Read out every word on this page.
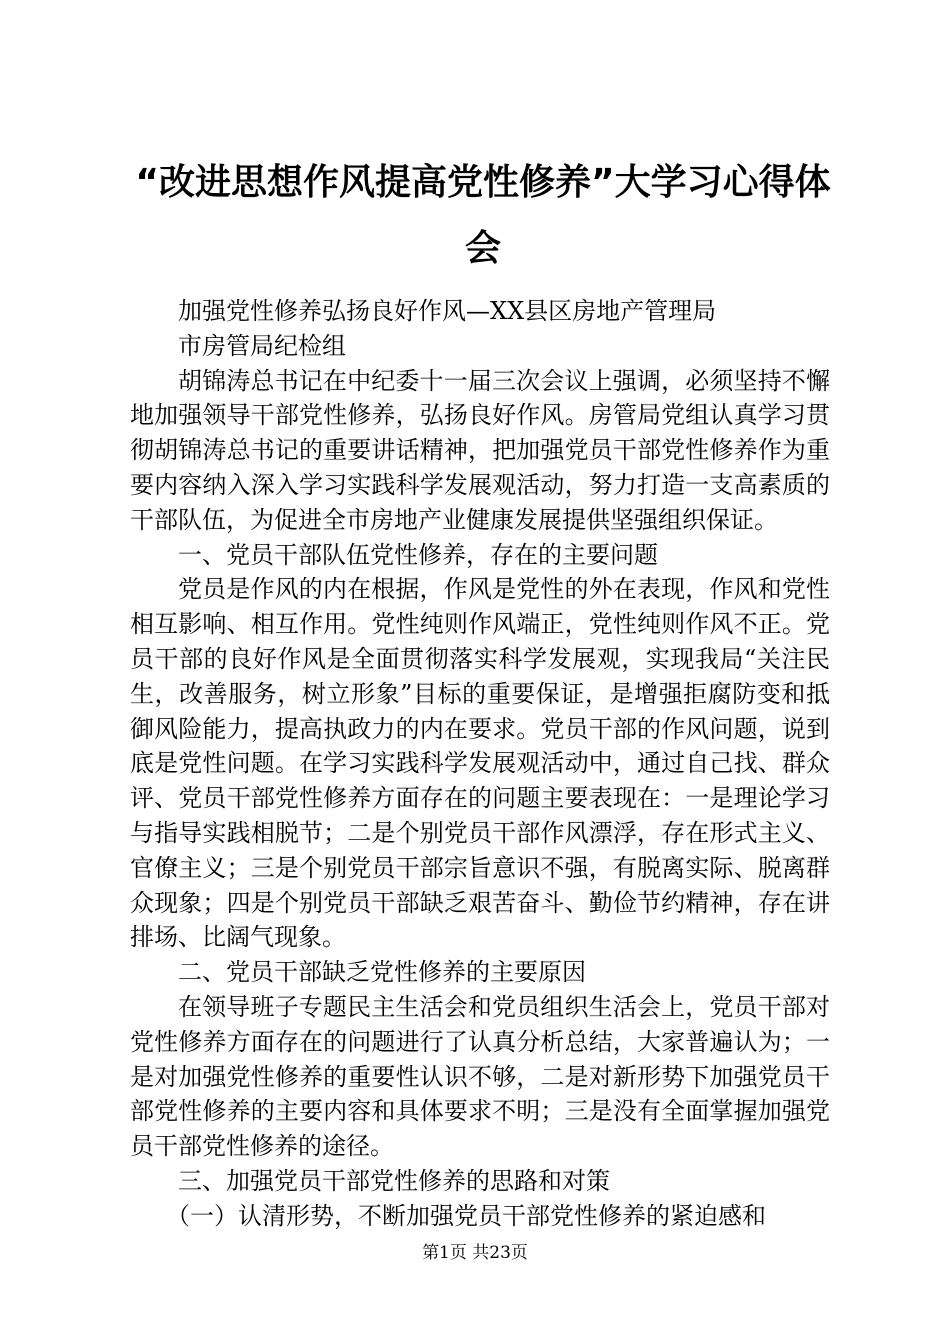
“改进思想作风提高党性修养”大学习心得体会

加强党性修养弘扬良好作风—XX县区房地产管理局

市房管局纪检组

胡锦涛总书记在中纪委十一届三次会议上强调，必须坚持不懈地加强领导干部党性修养，弘扬良好作风。房管局党组认真学习贯彻胡锦涛总书记的重要讲话精神，把加强党员干部党性修养作为重要内容纳入深入学习实践科学发展观活动，努力打造一支高素质的干部队伍，为促进全市房地产业健康发展提供坚强组织保证。

一、党员干部队伍党性修养，存在的主要问题

党员是作风的内在根据，作风是党性的外在表现，作风和党性相互影响、相互作用。党性纯则作风端正，党性纯则作风不正。党员干部的良好作风是全面贯彻落实科学发展观，实现我局“关注民生，改善服务，树立形象”目标的重要保证，是增强拒腐防变和抵御风险能力，提高执政力的内在要求。党员干部的作风问题，说到底是党性问题。在学习实践科学发展观活动中，通过自己找、群众评、党员干部党性修养方面存在的问题主要表现在：一是理论学习与指导实践相脱节；二是个别党员干部作风漂浮，存在形式主义、官僚主义；三是个别党员干部宗旨意识不强，有脱离实际、脱离群众现象；四是个别党员干部缺乏艰苦奋斗、勤俭节约精神，存在讲排场、比阔气现象。

二、党员干部缺乏党性修养的主要原因

在领导班子专题民主生活会和党员组织生活会上，党员干部对党性修养方面存在的问题进行了认真分析总结，大家普遍认为；一是对加强党性修养的重要性认识不够，二是对新形势下加强党员干部党性修养的主要内容和具体要求不明；三是没有全面掌握加强党员干部党性修养的途径。

三、加强党员干部党性修养的思路和对策

（一）认清形势，不断加强党员干部党性修养的紧迫感和

第1页 共23页
